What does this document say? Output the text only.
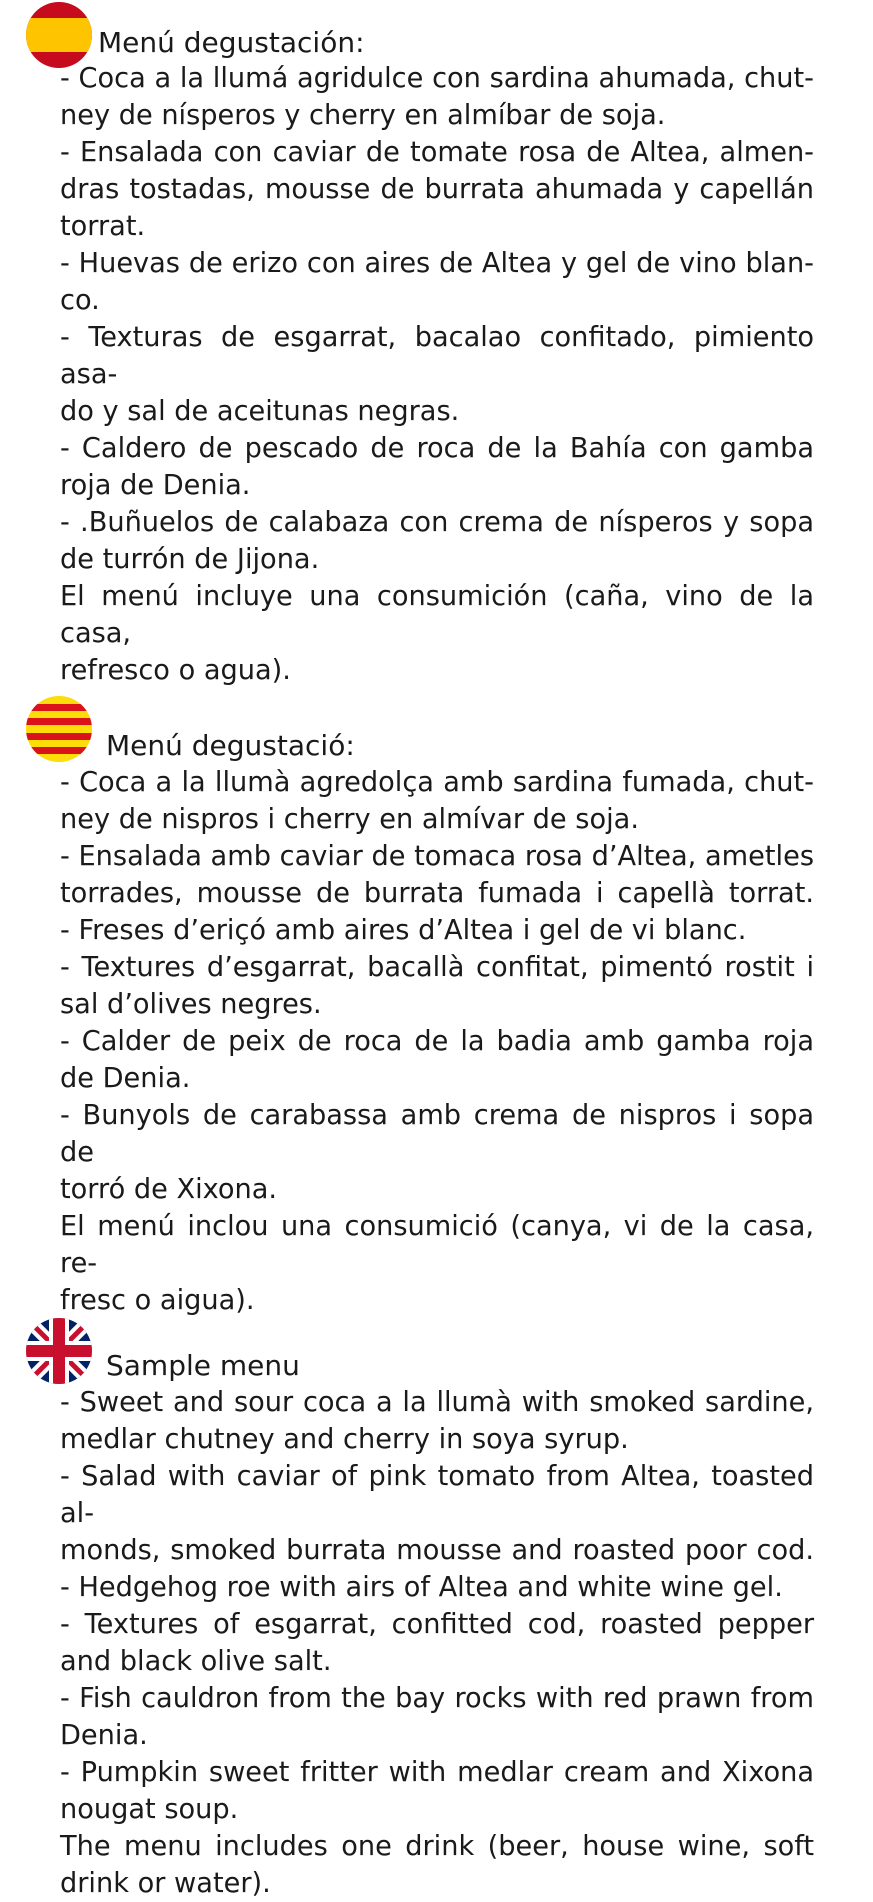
Menú degustación:
- Coca a la llumá agridulce con sardina ahumada, chut-
ney de nísperos y cherry en almíbar de soja.
- Ensalada con caviar de tomate rosa de Altea, almen-
dras tostadas, mousse de burrata ahumada y capellán
torrat.
- Huevas de erizo con aires de Altea y gel de vino blan-
co.
- Texturas de esgarrat, bacalao confitado, pimiento asa-
do y sal de aceitunas negras.
- Caldero de pescado de roca de la Bahía con gamba
roja de Denia.
- .Buñuelos de calabaza con crema de nísperos y sopa
de turrón de Jijona.
El menú incluye una consumición (caña, vino de la casa,
refresco o agua).
Menú degustació:
- Coca a la llumà agredolça amb sardina fumada, chut-
ney de nispros i cherry en almívar de soja.
- Ensalada amb caviar de tomaca rosa d’Altea, ametles
torrades, mousse de burrata fumada i capellà torrat.
- Freses d’eriçó amb aires d’Altea i gel de vi blanc.
- Textures d’esgarrat, bacallà confitat, pimentó rostit i
sal d’olives negres.
- Calder de peix de roca de la badia amb gamba roja
de Denia.
- Bunyols de carabassa amb crema de nispros i sopa de
torró de Xixona.
El menú inclou una consumició (canya, vi de la casa, re-
fresc o aigua).
Sample menu
- Sweet and sour coca a la llumà with smoked sardine,
medlar chutney and cherry in soya syrup.
- Salad with caviar of pink tomato from Altea, toasted al-
monds, smoked burrata mousse and roasted poor cod.
- Hedgehog roe with airs of Altea and white wine gel.
- Textures of esgarrat, confitted cod, roasted pepper
and black olive salt.
- Fish cauldron from the bay rocks with red prawn from
Denia.
- Pumpkin sweet fritter with medlar cream and Xixona
nougat soup.
The menu includes one drink (beer, house wine, soft
drink or water).
